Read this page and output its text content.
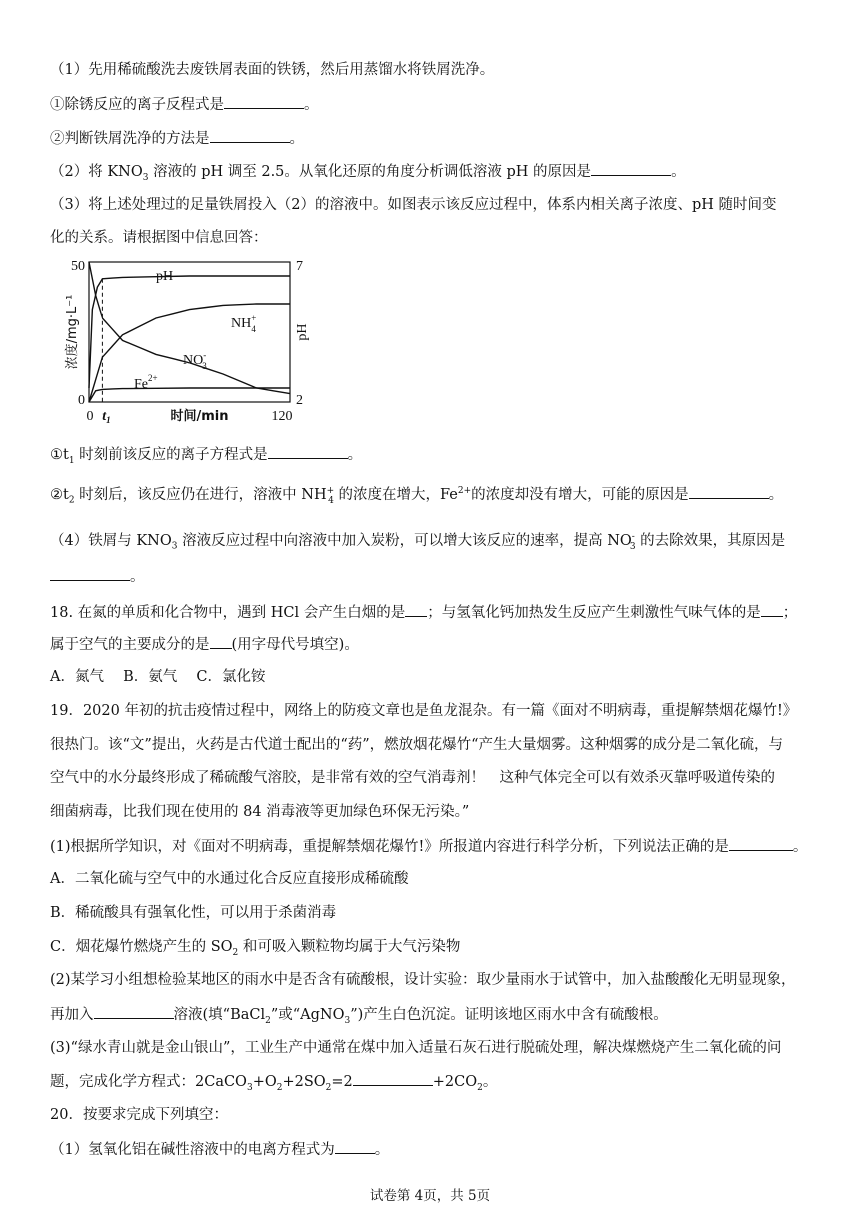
（1）先用稀硫酸洗去废铁屑表面的铁锈，然后用蒸馏水将铁屑洗净。
①除锈反应的离子反程式是	。
②判断铁屑洗净的方法是	。
（2）将 $KNO_3$ 溶液的 pH 调至 2.5。从氧化还原的角度分析调低溶液 pH 的原因是	。
（3）将上述处理过的足量铁屑投入（2）的溶液中。如图表示该反应过程中，体系内相关离子浓度、pH 随时间变
化的关系。请根据图中信息回答：
50
0
7
2
0 $t_1$	120
时间/min
浓度/mg·L⁻¹	pH
pH
NH+ 4
NO-3
$Fe^{2+}$
$①t_1$ 时刻前该反应的离子方程式是	。
$②t_2$ 时刻后，该反应仍在进行，溶液中 $NH^+_4$ 的浓度在增大，$Fe^{2+}$的浓度却没有增大，可能的原因是	。
（4）铁屑与 $KNO_3$ 溶液反应过程中向溶液中加入炭粉，可以增大该反应的速率，提高 $NO^-_3$ 的去除效果，其原因是
。
18. 在氮的单质和化合物中，遇到 HCl 会产生白烟的是 ；与氢氧化钙加热发生反应产生刺激性气味气体的是 ；
属于空气的主要成分的是 (用字母代号填空)。
A．氮气　 B．氨气　 C．氯化铵
19．2020 年初的抗击疫情过程中，网络上的防疫文章也是鱼龙混杂。有一篇《面对不明病毒，重提解禁烟花爆竹!》
很热门。该“文”提出，火药是古代道士配出的“药”，燃放烟花爆竹“产生大量烟雾。这种烟雾的成分是二氧化硫，与
空气中的水分最终形成了稀硫酸气溶胶，是非常有效的空气消毒剂！　这种气体完全可以有效杀灭靠呼吸道传染的
细菌病毒，比我们现在使用的 84 消毒液等更加绿色环保无污染。”
(1)根据所学知识，对《面对不明病毒，重提解禁烟花爆竹!》所报道内容进行科学分析，下列说法正确的是	。
A．二氧化硫与空气中的水通过化合反应直接形成稀硫酸
B．稀硫酸具有强氧化性，可以用于杀菌消毒
C．烟花爆竹燃烧产生的 $SO_2$ 和可吸入颗粒物均属于大气污染物
(2)某学习小组想检验某地区的雨水中是否含有硫酸根，设计实验：取少量雨水于试管中，加入盐酸酸化无明显现象，
再加入	溶液(填“BaCl$_2$”或“AgNO$_3$”)产生白色沉淀。证明该地区雨水中含有硫酸根。
(3)“绿水青山就是金山银山”，工业生产中通常在煤中加入适量石灰石进行脱硫处理，解决煤燃烧产生二氧化硫的问
题，完成化学方程式：$2CaCO_3+O_2+2SO_2=2$	$+2CO_2$。
20．按要求完成下列填空：
（1）氢氧化铝在碱性溶液中的电离方程式为	。
试卷第 4页，共 5页
